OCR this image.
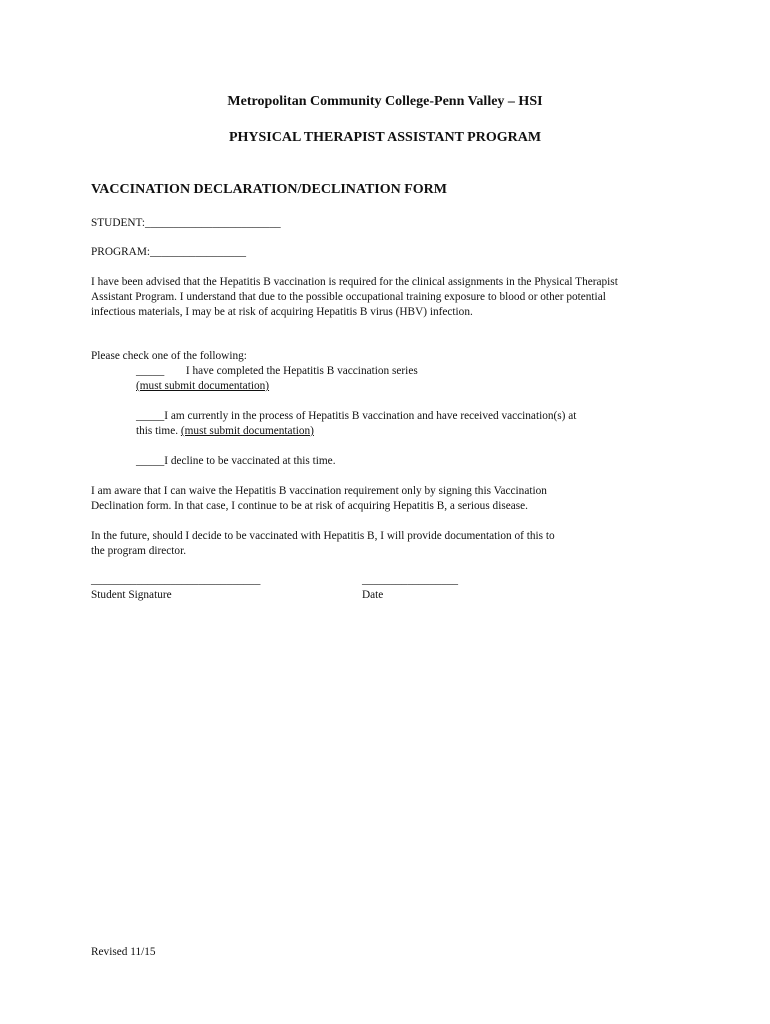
Metropolitan Community College-Penn Valley – HSI
PHYSICAL THERAPIST ASSISTANT PROGRAM
VACCINATION DECLARATION/DECLINATION FORM
STUDENT:________________________
PROGRAM:_________________
I have been advised that the Hepatitis B vaccination is required for the clinical assignments in the Physical Therapist
Assistant Program. I understand that due to the possible occupational training exposure to blood or other potential
infectious materials, I may be at risk of acquiring Hepatitis B virus (HBV) infection.
Please check one of the following:
_____ I have completed the Hepatitis B vaccination series
(must submit documentation)
_____I am currently in the process of Hepatitis B vaccination and have received vaccination(s) at
this time. (must submit documentation)
_____I decline to be vaccinated at this time.
I am aware that I can waive the Hepatitis B vaccination requirement only by signing this Vaccination
Declination form. In that case, I continue to be at risk of acquiring Hepatitis B, a serious disease.
In the future, should I decide to be vaccinated with Hepatitis B, I will provide documentation of this to
the program director.
______________________________
Student Signature
_________________
Date
Revised 11/15
